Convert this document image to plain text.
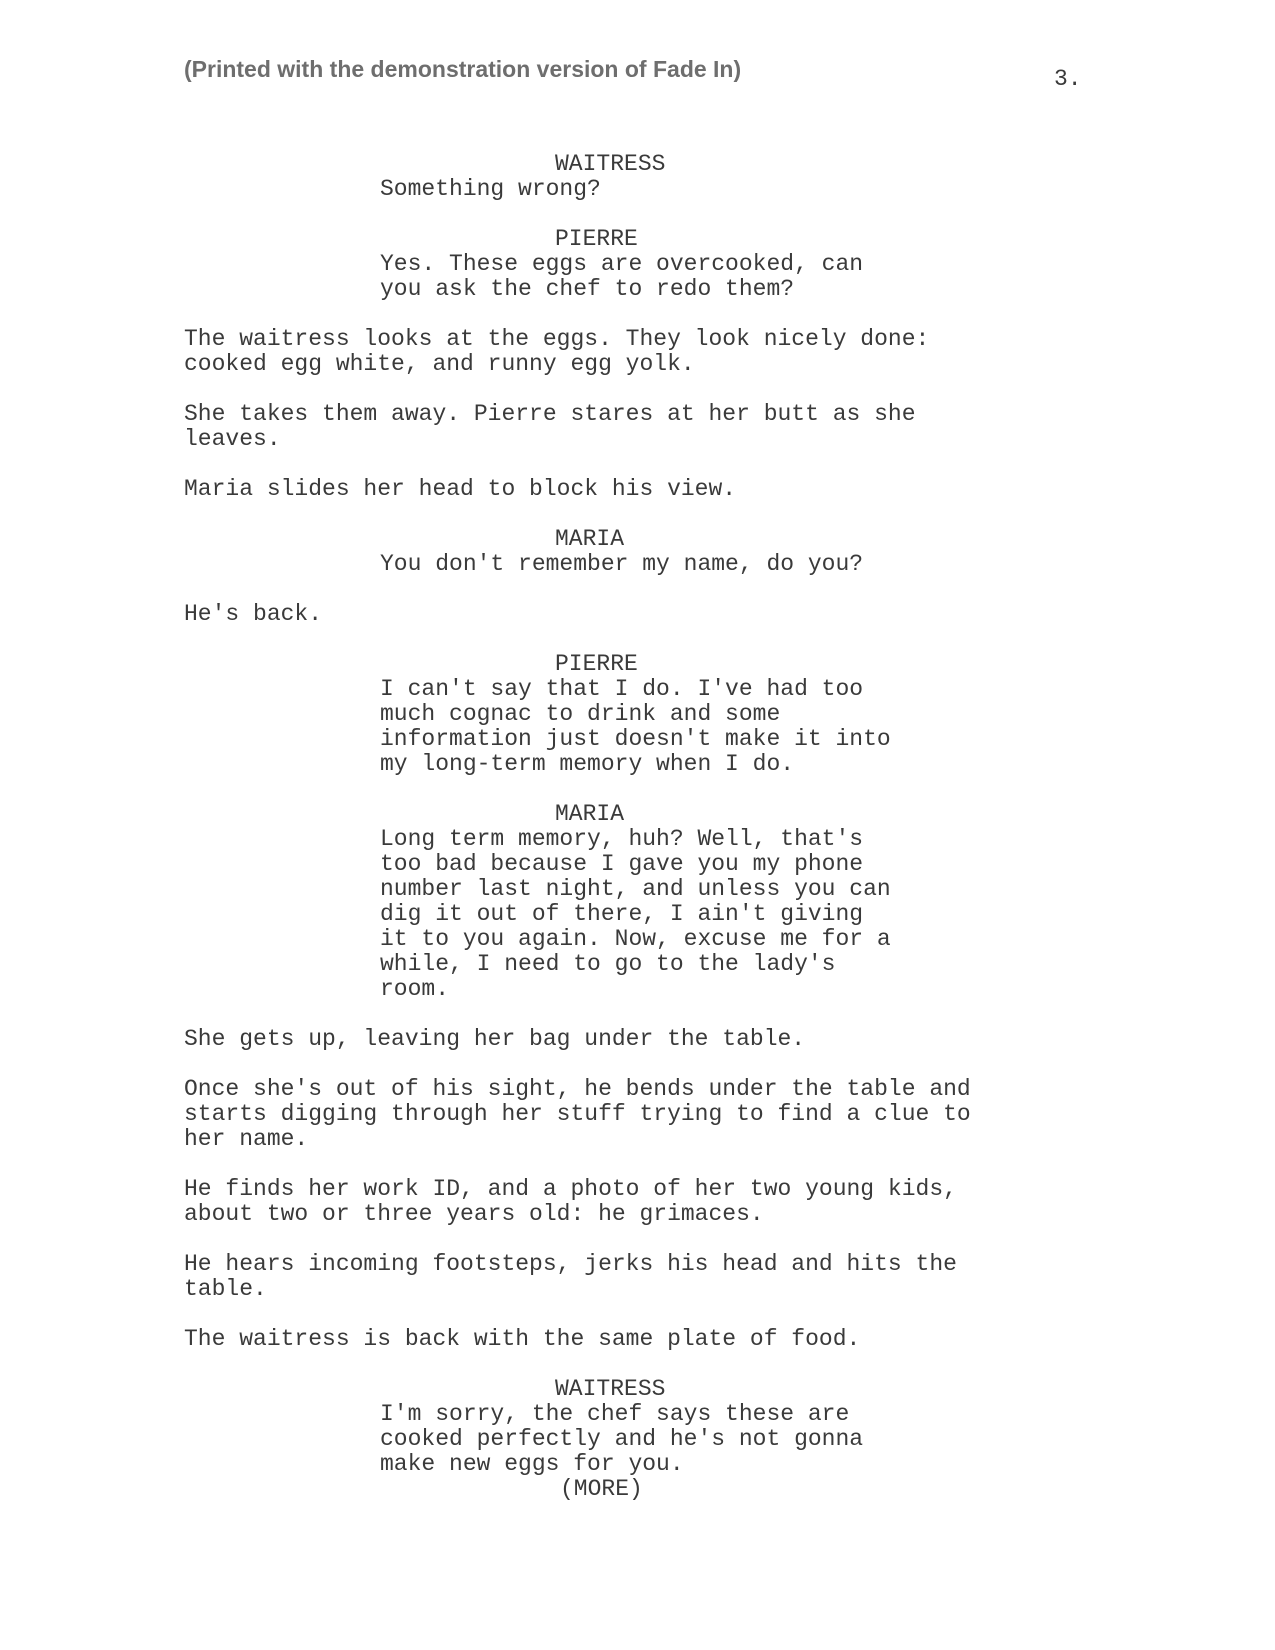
(Printed with the demonstration version of Fade In)	3.
WAITRESS
Something wrong?
PIERRE
Yes. These eggs are overcooked, can
you ask the chef to redo them?
The waitress looks at the eggs. They look nicely done:
cooked egg white, and runny egg yolk.
She takes them away. Pierre stares at her butt as she
leaves.
Maria slides her head to block his view.
MARIA
You don't remember my name, do you?
He's back.
PIERRE
I can't say that I do. I've had too
much cognac to drink and some
information just doesn't make it into
my long-term memory when I do.
MARIA
Long term memory, huh? Well, that's
too bad because I gave you my phone
number last night, and unless you can
dig it out of there, I ain't giving
it to you again. Now, excuse me for a
while, I need to go to the lady's
room.
She gets up, leaving her bag under the table.
Once she's out of his sight, he bends under the table and
starts digging through her stuff trying to find a clue to
her name.
He finds her work ID, and a photo of her two young kids,
about two or three years old: he grimaces.
He hears incoming footsteps, jerks his head and hits the
table.
The waitress is back with the same plate of food.
WAITRESS
I'm sorry, the chef says these are
cooked perfectly and he's not gonna
make new eggs for you.
(MORE)
